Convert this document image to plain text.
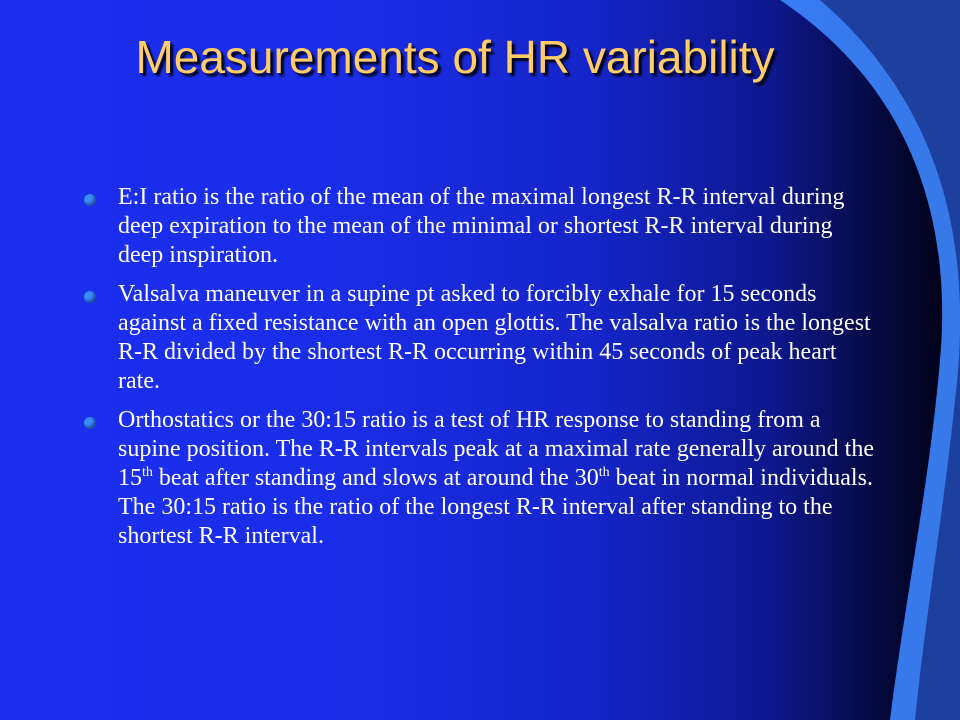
Measurements of HR variability
E:I ratio is the ratio of the mean of the maximal longest R-R interval during deep expiration to the mean of the minimal or shortest R-R interval during deep inspiration.
Valsalva maneuver in a supine pt asked to forcibly exhale for 15 seconds against a fixed resistance with an open glottis. The valsalva ratio is the longest R-R divided by the shortest R-R occurring within 45 seconds of peak heart rate.
Orthostatics or the 30:15 ratio is a test of HR response to standing from a supine position. The R-R intervals peak at a maximal rate generally around the 15th beat after standing and slows at around the 30th beat in normal individuals. The 30:15 ratio is the ratio of the longest R-R interval after standing to the shortest R-R interval.
